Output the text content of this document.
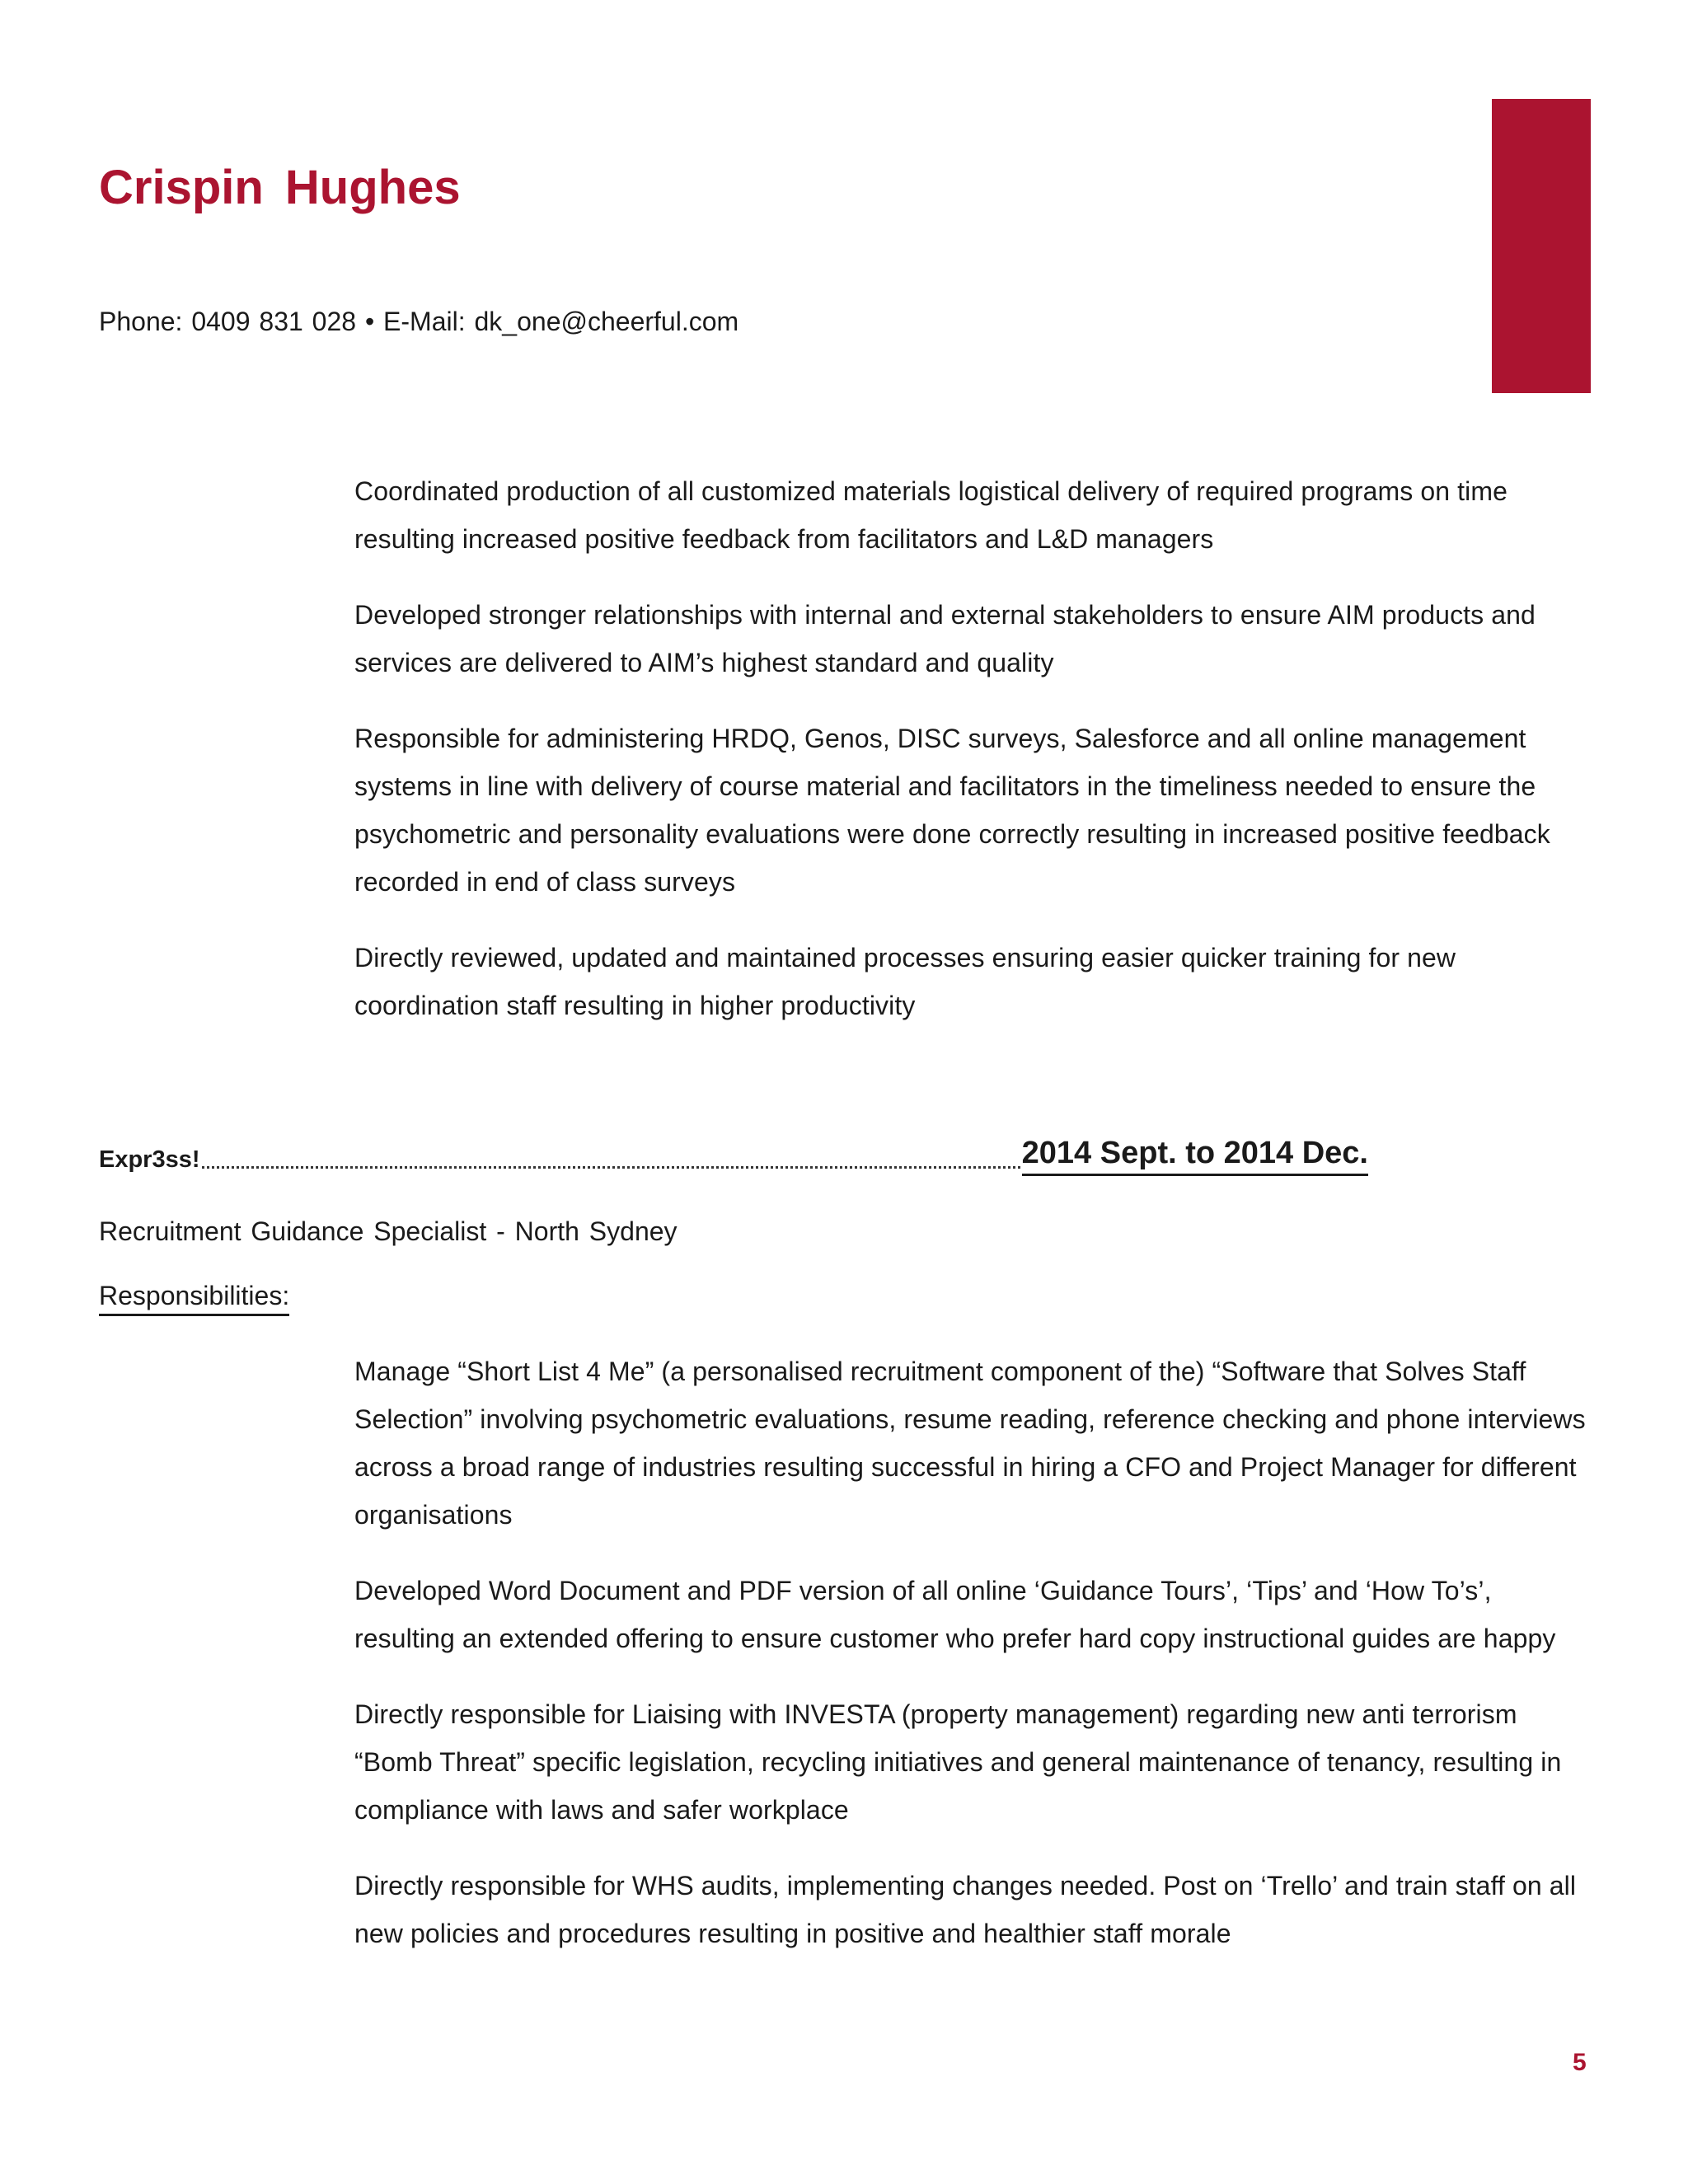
Crispin Hughes
Phone: 0409 831 028 • E-Mail: dk_one@cheerful.com

Coordinated production of all customized materials logistical delivery of required programs on time resulting increased positive feedback from facilitators and L&D managers

Developed stronger relationships with internal and external stakeholders to ensure AIM products and services are delivered to AIM’s highest standard and quality

Responsible for administering HRDQ, Genos, DISC surveys, Salesforce and all online management systems in line with delivery of course material and facilitators in the timeliness needed to ensure the psychometric and personality evaluations were done correctly resulting in increased positive feedback recorded in end of class surveys

Directly reviewed, updated and maintained processes ensuring easier quicker training for new coordination staff resulting in higher productivity

Expr3ss!	2014 Sept. to 2014 Dec.
Recruitment Guidance Specialist - North Sydney
Responsibilities:

Manage “Short List 4 Me” (a personalised recruitment component of the) “Software that Solves Staff Selection” involving psychometric evaluations, resume reading, reference checking and phone interviews across a broad range of industries resulting successful in hiring a CFO and Project Manager for different organisations

Developed Word Document and PDF version of all online ‘Guidance Tours’, ‘Tips’ and ‘How To’s’, resulting an extended offering to ensure customer who prefer hard copy instructional guides are happy

Directly responsible for Liaising with INVESTA (property management) regarding new anti terrorism “Bomb Threat” specific legislation, recycling initiatives and general maintenance of tenancy, resulting in compliance with laws and safer workplace

Directly responsible for WHS audits, implementing changes needed. Post on ‘Trello’ and train staff on all new policies and procedures resulting in positive and healthier staff morale

5
